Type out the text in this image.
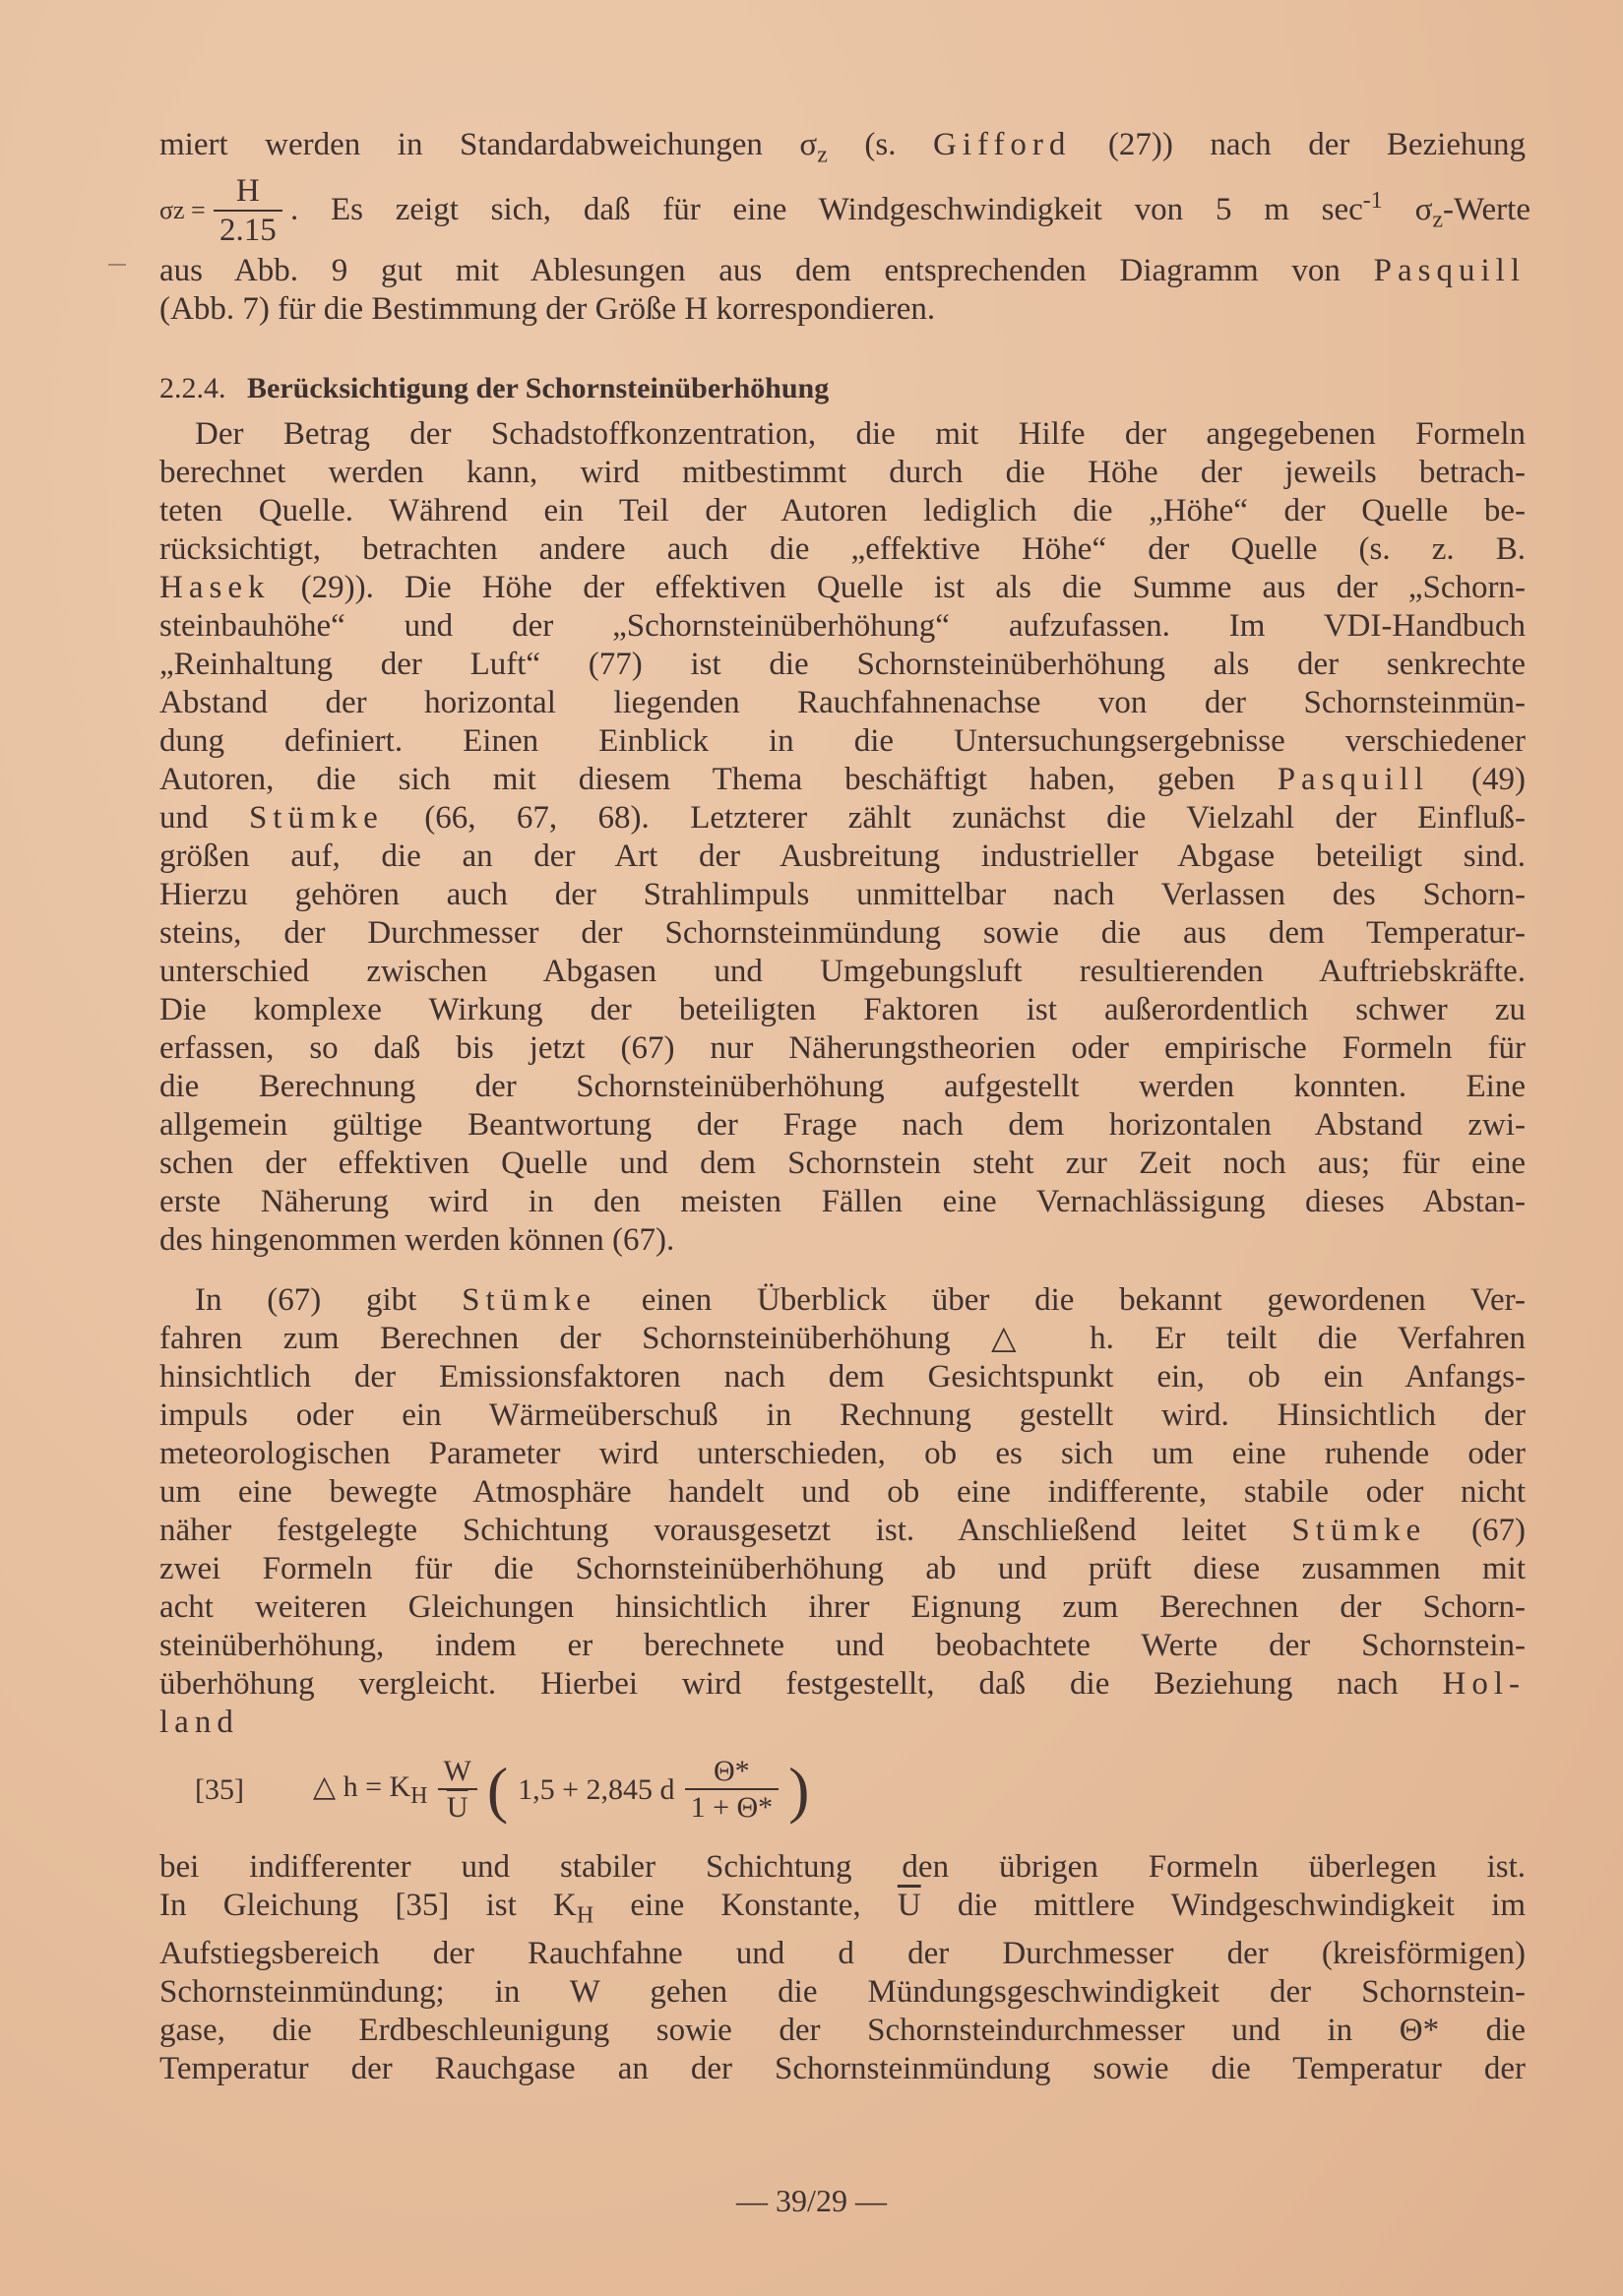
miert werden in Standardabweichungen $\sigma_z$ (s. Gifford (27)) nach der Beziehung
$\sigma z = \frac{H}{2.15}$ . Es zeigt sich, daß für eine Windgeschwindigkeit von 5 m $\sec^{-1}$ $\sigma_z$-Werte
aus Abb. 9 gut mit Ablesungen aus dem entsprechenden Diagramm von Pasquill
(Abb. 7) für die Bestimmung der Größe H korrespondieren.
2.2.4. Berücksichtigung der Schornsteinüberhöhung
Der Betrag der Schadstoffkonzentration, die mit Hilfe der angegebenen Formeln
berechnet werden kann, wird mitbestimmt durch die Höhe der jeweils betrach-
teten Quelle. Während ein Teil der Autoren lediglich die „Höhe“ der Quelle be-
rücksichtigt, betrachten andere auch die „effektive Höhe“ der Quelle (s. z. B.
Hasek (29)). Die Höhe der effektiven Quelle ist als die Summe aus der „Schorn-
steinbauhöhe“ und der „Schornsteinüberhöhung“ aufzufassen. Im VDI-Handbuch
„Reinhaltung der Luft“ (77) ist die Schornsteinüberhöhung als der senkrechte
Abstand der horizontal liegenden Rauchfahnenachse von der Schornsteinmün-
dung definiert. Einen Einblick in die Untersuchungsergebnisse verschiedener
Autoren, die sich mit diesem Thema beschäftigt haben, geben Pasquill (49)
und Stümke (66, 67, 68). Letzterer zählt zunächst die Vielzahl der Einfluß-
größen auf, die an der Art der Ausbreitung industrieller Abgase beteiligt sind.
Hierzu gehören auch der Strahlimpuls unmittelbar nach Verlassen des Schorn-
steins, der Durchmesser der Schornsteinmündung sowie die aus dem Temperatur-
unterschied zwischen Abgasen und Umgebungsluft resultierenden Auftriebskräfte.
Die komplexe Wirkung der beteiligten Faktoren ist außerordentlich schwer zu
erfassen, so daß bis jetzt (67) nur Näherungstheorien oder empirische Formeln für
die Berechnung der Schornsteinüberhöhung aufgestellt werden konnten. Eine
allgemein gültige Beantwortung der Frage nach dem horizontalen Abstand zwi-
schen der effektiven Quelle und dem Schornstein steht zur Zeit noch aus; für eine
erste Näherung wird in den meisten Fällen eine Vernachlässigung dieses Abstan-
des hingenommen werden können (67).
In (67) gibt Stümke einen Überblick über die bekannt gewordenen Ver-
fahren zum Berechnen der Schornsteinüberhöhung △ h. Er teilt die Verfahren
hinsichtlich der Emissionsfaktoren nach dem Gesichtspunkt ein, ob ein Anfangs-
impuls oder ein Wärmeüberschuß in Rechnung gestellt wird. Hinsichtlich der
meteorologischen Parameter wird unterschieden, ob es sich um eine ruhende oder
um eine bewegte Atmosphäre handelt und ob eine indifferente, stabile oder nicht
näher festgelegte Schichtung vorausgesetzt ist. Anschließend leitet Stümke (67)
zwei Formeln für die Schornsteinüberhöhung ab und prüft diese zusammen mit
acht weiteren Gleichungen hinsichtlich ihrer Eignung zum Berechnen der Schorn-
steinüberhöhung, indem er berechnete und beobachtete Werte der Schornstein-
überhöhung vergleicht. Hierbei wird festgestellt, daß die Beziehung nach Hol-
land
[35]	△ $h = K_H \frac{W}{U}$ ( 1,5 + 2,845 d $\frac{\Theta*}{1 + \Theta*}$ )
bei indifferenter und stabiler Schichtung den übrigen Formeln überlegen ist.
In Gleichung [35] ist $K_H$ eine Konstante, $\overline{U}$ die mittlere Windgeschwindigkeit im
Aufstiegsbereich der Rauchfahne und d der Durchmesser der (kreisförmigen)
Schornsteinmündung; in W gehen die Mündungsgeschwindigkeit der Schornstein-
gase, die Erdbeschleunigung sowie der Schornsteindurchmesser und in Θ* die
Temperatur der Rauchgase an der Schornsteinmündung sowie die Temperatur der
— 39/29 —
